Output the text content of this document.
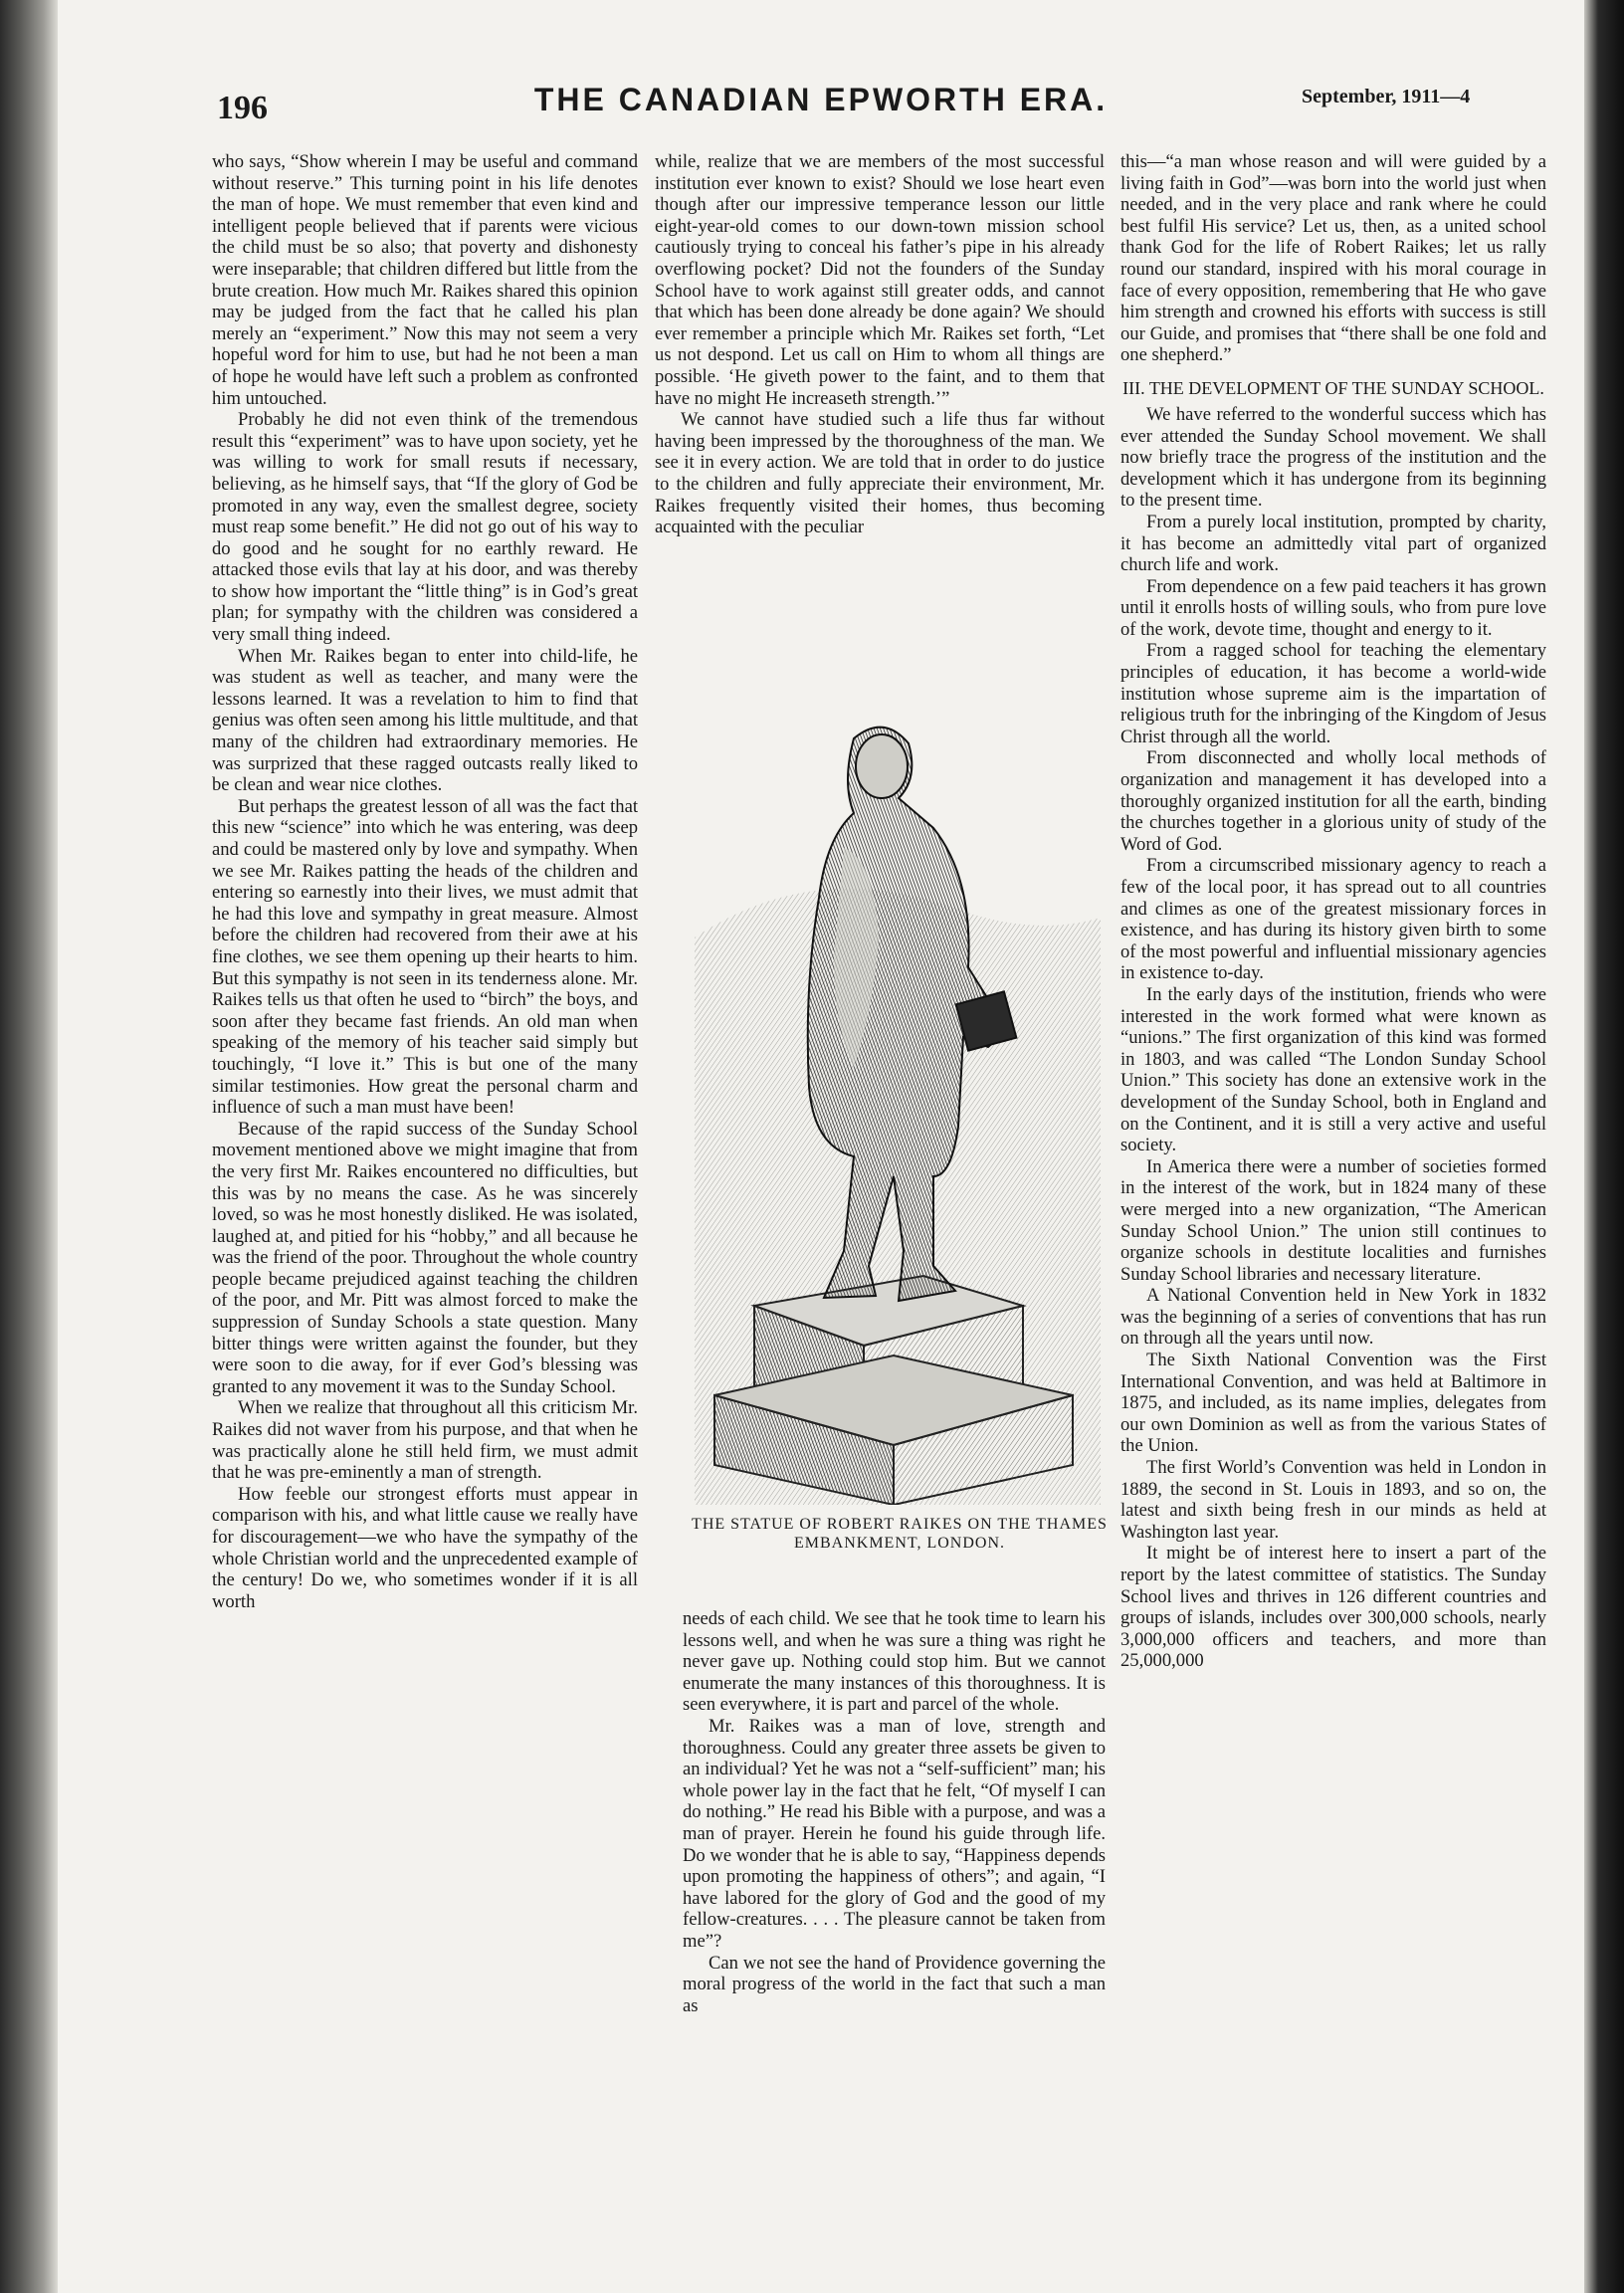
196	THE CANADIAN EPWORTH ERA.	September, 1911—4

who says, “Show wherein I may be useful and command without reserve.” This turning point in his life denotes the man of hope. We must remember that even kind and intelligent people believed that if parents were vicious the child must be so also; that poverty and dishonesty were inseparable; that children differed but little from the brute creation. How much Mr. Raikes shared this opinion may be judged from the fact that he called his plan merely an “experiment.” Now this may not seem a very hopeful word for him to use, but had he not been a man of hope he would have left such a problem as confronted him untouched.

Probably he did not even think of the tremendous result this “experiment” was to have upon society, yet he was willing to work for small resuts if necessary, believing, as he himself says, that “If the glory of God be promoted in any way, even the smallest degree, society must reap some benefit.” He did not go out of his way to do good and he sought for no earthly reward. He attacked those evils that lay at his door, and was thereby to show how important the “little thing” is in God’s great plan; for sympathy with the children was considered a very small thing indeed.

When Mr. Raikes began to enter into child-life, he was student as well as teacher, and many were the lessons learned. It was a revelation to him to find that genius was often seen among his little multitude, and that many of the children had extraordinary memories. He was surprized that these ragged outcasts really liked to be clean and wear nice clothes.

But perhaps the greatest lesson of all was the fact that this new “science” into which he was entering, was deep and could be mastered only by love and sympathy. When we see Mr. Raikes patting the heads of the children and entering so earnestly into their lives, we must admit that he had this love and sympathy in great measure. Almost before the children had recovered from their awe at his fine clothes, we see them opening up their hearts to him. But this sympathy is not seen in its tenderness alone. Mr. Raikes tells us that often he used to “birch” the boys, and soon after they became fast friends. An old man when speaking of the memory of his teacher said simply but touchingly, “I love it.” This is but one of the many similar testimonies. How great the personal charm and influence of such a man must have been!

Because of the rapid success of the Sunday School movement mentioned above we might imagine that from the very first Mr. Raikes encountered no difficulties, but this was by no means the case. As he was sincerely loved, so was he most honestly disliked. He was isolated, laughed at, and pitied for his “hobby,” and all because he was the friend of the poor. Throughout the whole country people became prejudiced against teaching the children of the poor, and Mr. Pitt was almost forced to make the suppression of Sunday Schools a state question. Many bitter things were written against the founder, but they were soon to die away, for if ever God’s blessing was granted to any movement it was to the Sunday School.

When we realize that throughout all this criticism Mr. Raikes did not waver from his purpose, and that when he was practically alone he still held firm, we must admit that he was pre-eminently a man of strength.

How feeble our strongest efforts must appear in comparison with his, and what little cause we really have for discouragement—we who have the sympathy of the whole Christian world and the unprecedented example of the century! Do we, who sometimes wonder if it is all worth

while, realize that we are members of the most successful institution ever known to exist? Should we lose heart even though after our impressive temperance lesson our little eight-year-old comes to our down-town mission school cautiously trying to conceal his father’s pipe in his already overflowing pocket? Did not the founders of the Sunday School have to work against still greater odds, and cannot that which has been done already be done again? We should ever remember a principle which Mr. Raikes set forth, “Let us not despond. Let us call on Him to whom all things are possible. ‘He giveth power to the faint, and to them that have no might He increaseth strength.’”

We cannot have studied such a life thus far without having been impressed by the thoroughness of the man. We see it in every action. We are told that in order to do justice to the children and fully appreciate their environment, Mr. Raikes frequently visited their homes, thus becoming acquainted with the peculiar

THE STATUE OF ROBERT RAIKES ON THE THAMES EMBANKMENT, LONDON.

needs of each child. We see that he took time to learn his lessons well, and when he was sure a thing was right he never gave up. Nothing could stop him. But we cannot enumerate the many instances of this thoroughness. It is seen everywhere, it is part and parcel of the whole.

Mr. Raikes was a man of love, strength and thoroughness. Could any greater three assets be given to an individual? Yet he was not a “self-sufficient” man; his whole power lay in the fact that he felt, “Of myself I can do nothing.” He read his Bible with a purpose, and was a man of prayer. Herein he found his guide through life. Do we wonder that he is able to say, “Happiness depends upon promoting the happiness of others”; and again, “I have labored for the glory of God and the good of my fellow-creatures. . . . The pleasure cannot be taken from me”?

Can we not see the hand of Providence governing the moral progress of the world in the fact that such a man as

this—“a man whose reason and will were guided by a living faith in God”—was born into the world just when needed, and in the very place and rank where he could best fulfil His service? Let us, then, as a united school thank God for the life of Robert Raikes; let us rally round our standard, inspired with his moral courage in face of every opposition, remembering that He who gave him strength and crowned his efforts with success is still our Guide, and promises that “there shall be one fold and one shepherd.”

III. THE DEVELOPMENT OF THE SUNDAY SCHOOL.

We have referred to the wonderful success which has ever attended the Sunday School movement. We shall now briefly trace the progress of the institution and the development which it has undergone from its beginning to the present time.

From a purely local institution, prompted by charity, it has become an admittedly vital part of organized church life and work.

From dependence on a few paid teachers it has grown until it enrolls hosts of willing souls, who from pure love of the work, devote time, thought and energy to it.

From a ragged school for teaching the elementary principles of education, it has become a world-wide institution whose supreme aim is the impartation of religious truth for the inbringing of the Kingdom of Jesus Christ through all the world.

From disconnected and wholly local methods of organization and management it has developed into a thoroughly organized institution for all the earth, binding the churches together in a glorious unity of study of the Word of God.

From a circumscribed missionary agency to reach a few of the local poor, it has spread out to all countries and climes as one of the greatest missionary forces in existence, and has during its history given birth to some of the most powerful and influential missionary agencies in existence to-day.

In the early days of the institution, friends who were interested in the work formed what were known as “unions.” The first organization of this kind was formed in 1803, and was called “The London Sunday School Union.” This society has done an extensive work in the development of the Sunday School, both in England and on the Continent, and it is still a very active and useful society.

In America there were a number of societies formed in the interest of the work, but in 1824 many of these were merged into a new organization, “The American Sunday School Union.” The union still continues to organize schools in destitute localities and furnishes Sunday School libraries and necessary literature.

A National Convention held in New York in 1832 was the beginning of a series of conventions that has run on through all the years until now.

The Sixth National Convention was the First International Convention, and was held at Baltimore in 1875, and included, as its name implies, delegates from our own Dominion as well as from the various States of the Union.

The first World’s Convention was held in London in 1889, the second in St. Louis in 1893, and so on, the latest and sixth being fresh in our minds as held at Washington last year.

It might be of interest here to insert a part of the report by the latest committee of statistics. The Sunday School lives and thrives in 126 different countries and groups of islands, includes over 300,000 schools, nearly 3,000,000 officers and teachers, and more than 25,000,000
